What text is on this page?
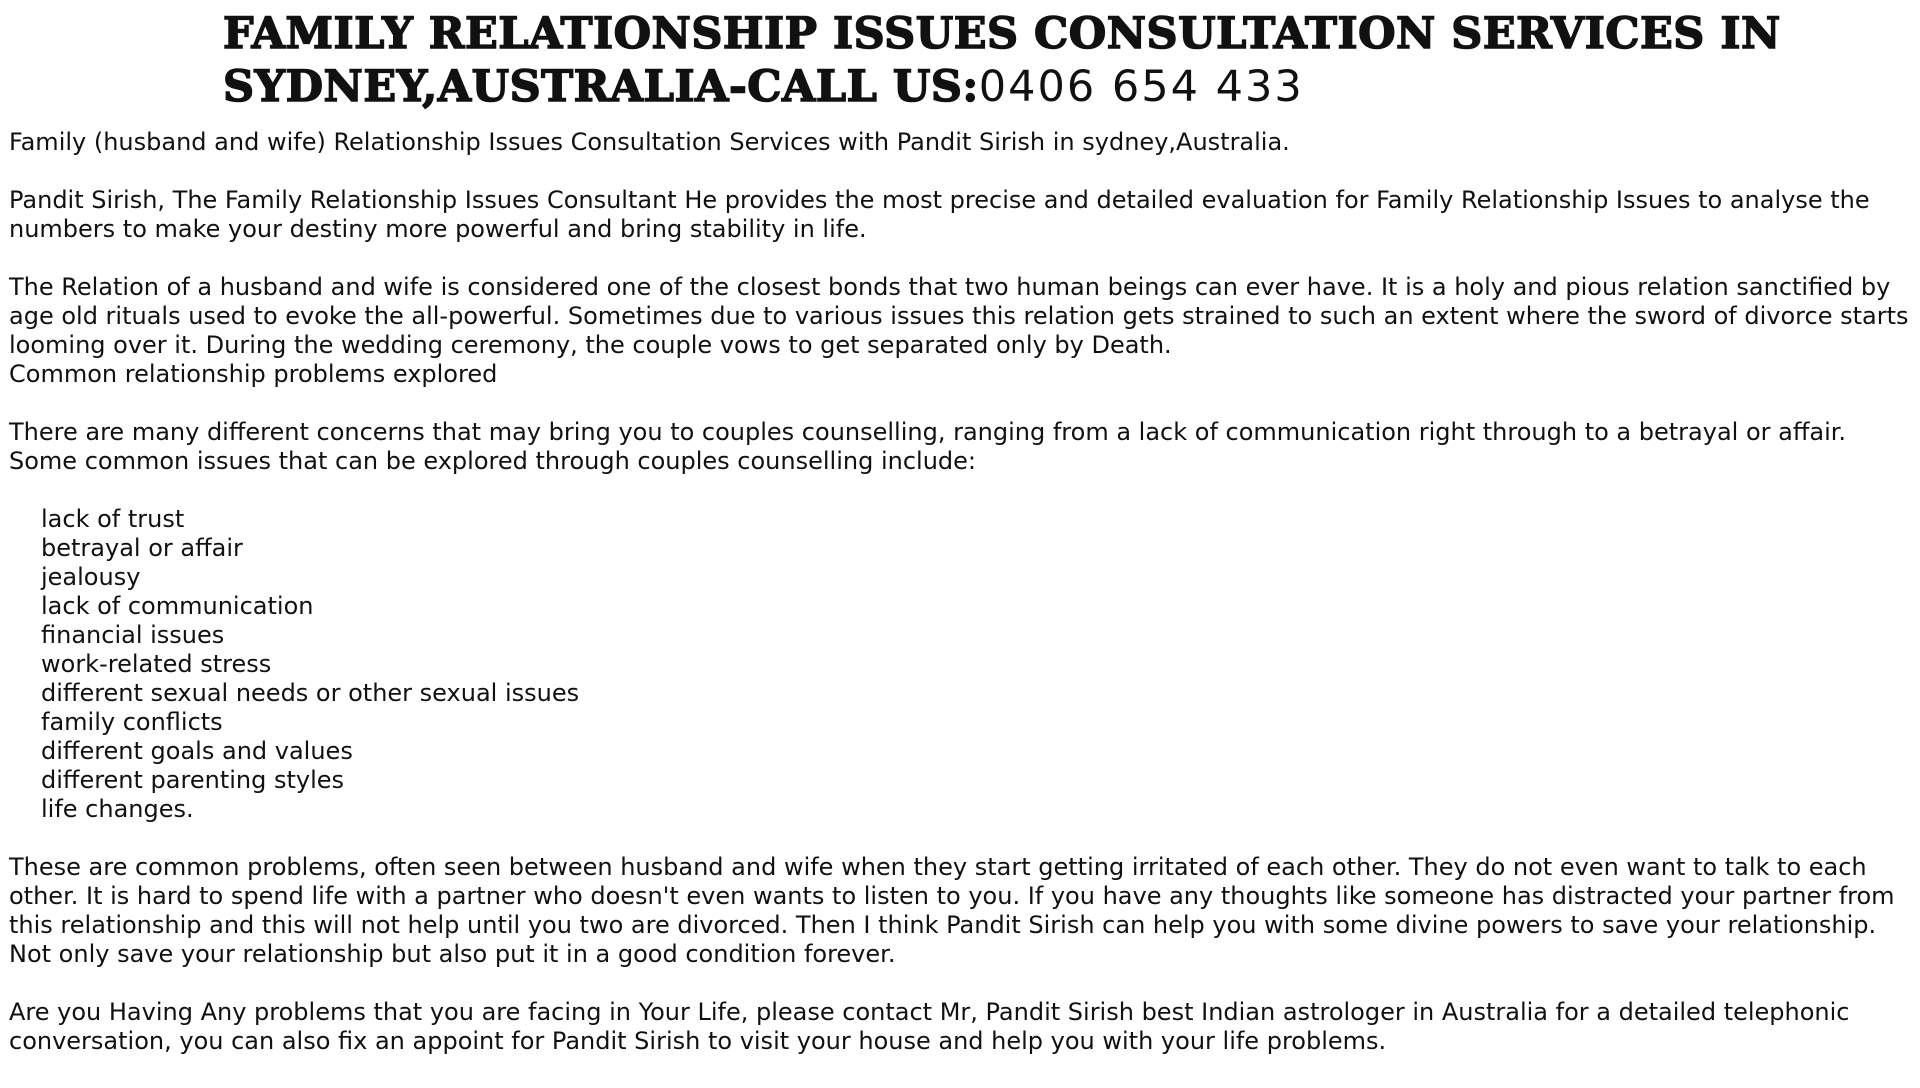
FAMILY RELATIONSHIP ISSUES CONSULTATION SERVICES IN SYDNEY,AUSTRALIA-CALL US:0406 654 433

Family (husband and wife) Relationship Issues Consultation Services with Pandit Sirish in sydney,Australia.

Pandit Sirish, The Family Relationship Issues Consultant He provides the most precise and detailed evaluation for Family Relationship Issues to analyse the numbers to make your destiny more powerful and bring stability in life.

The Relation of a husband and wife is considered one of the closest bonds that two human beings can ever have. It is a holy and pious relation sanctified by age old rituals used to evoke the all-powerful. Sometimes due to various issues this relation gets strained to such an extent where the sword of divorce starts looming over it. During the wedding ceremony, the couple vows to get separated only by Death.

Common relationship problems explored

There are many different concerns that may bring you to couples counselling, ranging from a lack of communication right through to a betrayal or affair. Some common issues that can be explored through couples counselling include:

lack of trust
betrayal or affair
jealousy
lack of communication
financial issues
work-related stress
different sexual needs or other sexual issues
family conflicts
different goals and values
different parenting styles
life changes.

These are common problems, often seen between husband and wife when they start getting irritated of each other. They do not even want to talk to each other. It is hard to spend life with a partner who doesn't even wants to listen to you. If you have any thoughts like someone has distracted your partner from this relationship and this will not help until you two are divorced. Then I think Pandit Sirish can help you with some divine powers to save your relationship. Not only save your relationship but also put it in a good condition forever.

Are you Having Any problems that you are facing in Your Life, please contact Mr, Pandit Sirish best Indian astrologer in Australia for a detailed telephonic conversation, you can also fix an appoint for Pandit Sirish to visit your house and help you with your life problems.
